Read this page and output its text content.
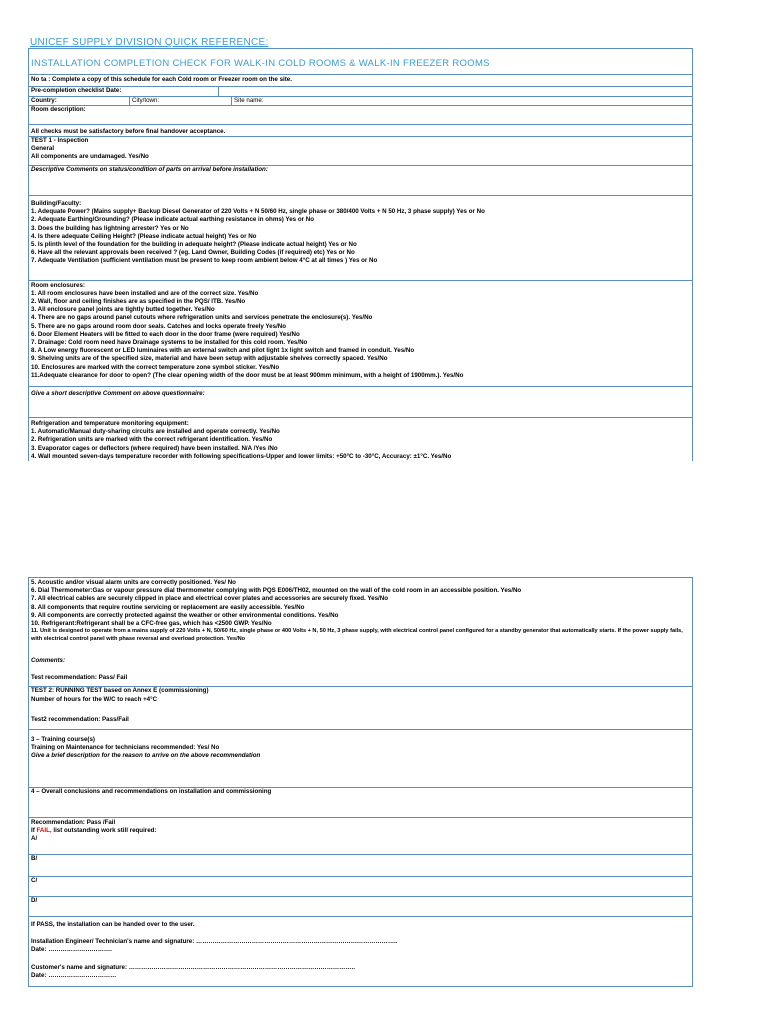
UNICEF SUPPLY DIVISION QUICK REFERENCE:
INSTALLATION COMPLETION CHECK FOR WALK-IN COLD ROOMS & WALK-IN FREEZER ROOMS
No ta : Complete a copy of this schedule for each Cold room or Freezer room on the site.
Pre-completion checklist Date:
Country:	City/town:	Site name:
Room description:
All checks must be satisfactory before final handover acceptance.
TEST 1 - Inspection
General
All components are undamaged. Yes/No
Descriptive Comments on status/condition of parts on arrival before installation:
Building/Faculty:
1. Adequate Power? (Mains supply+ Backup Diesel Generator of 220 Volts + N 50/60 Hz, single phase or 380/400 Volts + N 50 Hz, 3 phase supply) Yes or No
2. Adequate Earthing/Grounding? (Please indicate actual earthing resistance in ohms) Yes or No
3. Does the building has lightning arrester? Yes or No
4. Is there adequate Ceiling Height? (Please indicate actual height) Yes or No
5. Is plinth level of the foundation for the building in adequate height? (Please indicate actual height) Yes or No
6. Have all the relevant approvals been received ? (eg. Land Owner, Building Codes (if required) etc) Yes or No
7. Adequate Ventilation (sufficient ventilation must be present to keep room ambient below 4°C at all times ) Yes or No
Room enclosures:
1. All room enclosures have been installed and are of the correct size. Yes/No
2. Wall, floor and ceiling finishes are as specified in the PQS/ ITB. Yes/No
3. All enclosure panel joints are tightly butted together. Yes/No
4. There are no gaps around panel cutouts where refrigeration units and services penetrate the enclosure(s). Yes/No
5. There are no gaps around room door seals. Catches and locks operate freely Yes/No
6. Door Element Heaters will be fitted to each door in the door frame (were required) Yes/No
7. Drainage: Cold room need have Drainage systems to be installed for this cold room. Yes/No
8. A Low energy fluorescent or LED luminaires with an external switch and pilot light 1x light switch and framed in conduit. Yes/No
9. Shelving units are of the specified size, material and have been setup with adjustable shelves correctly spaced. Yes/No
10. Enclosures are marked with the correct temperature zone symbol sticker. Yes/No
11.Adequate clearance for door to open? (The clear opening width of the door must be at least 900mm minimum, with a height of 1900mm.). Yes/No
Give a short descriptive Comment on above questionnaire:
Refrigeration and temperature monitoring equipment:
1. Automatic/Manual duty-sharing circuits are installed and operate correctly. Yes/No
2. Refrigeration units are marked with the correct refrigerant identification. Yes/No
3. Evaporator cages or deflectors (where required) have been installed. N/A /Yes /No
4. Wall mounted seven-days temperature recorder with following specifications-Upper and lower limits: +50°C to -30°C, Accuracy: ±1°C. Yes/No
5. Acoustic and/or visual alarm units are correctly positioned. Yes/ No
6. Dial Thermometer:Gas or vapour pressure dial thermometer complying with PQS E006/TH02, mounted on the wall of the cold room in an accessible position. Yes/No
7. All electrical cables are securely clipped in place and electrical cover plates and accessories are securely fixed. Yes/No
8. All components that require routine servicing or replacement are easily accessible. Yes/No
9. All components are correctly protected against the weather or other environmental conditions. Yes/No
10. Refrigerant:Refrigerant shall be a CFC-free gas, which has <2500 GWP. Yes/No
11. Unit is designed to operate from a mains supply of 220 Volts + N, 50/60 Hz, single phase or 400 Volts + N, 50 Hz, 3 phase supply, with electrical control panel configured for a standby generator that automatically starts. If the power supply fails, with electrical control panel with phase reversal and overload protection. Yes/No
Comments:
Test recommendation: Pass/ Fail
TEST 2: RUNNING TEST based on Annex E (commissioning)
Number of hours for the W/C to reach +4°C
Test2 recommendation: Pass/Fail
3 – Training course(s)
Training on Maintenance for technicians recommended: Yes/ No
Give a brief description for the reason to arrive on the above recommendation
4 – Overall conclusions and recommendations on installation and commissioning
Recommendation: Pass /Fail
If FAIL, list outstanding work still required:
A/
B/
C/
D/
If PASS, the installation can be handed over to the user.
Installation Engineer/ Technician's name and signature: ……………………………………………………………………………………..
Date: ………………………….
Customer's name and signature: ………………………………………………………………………………………………..
Date: ……………………………
